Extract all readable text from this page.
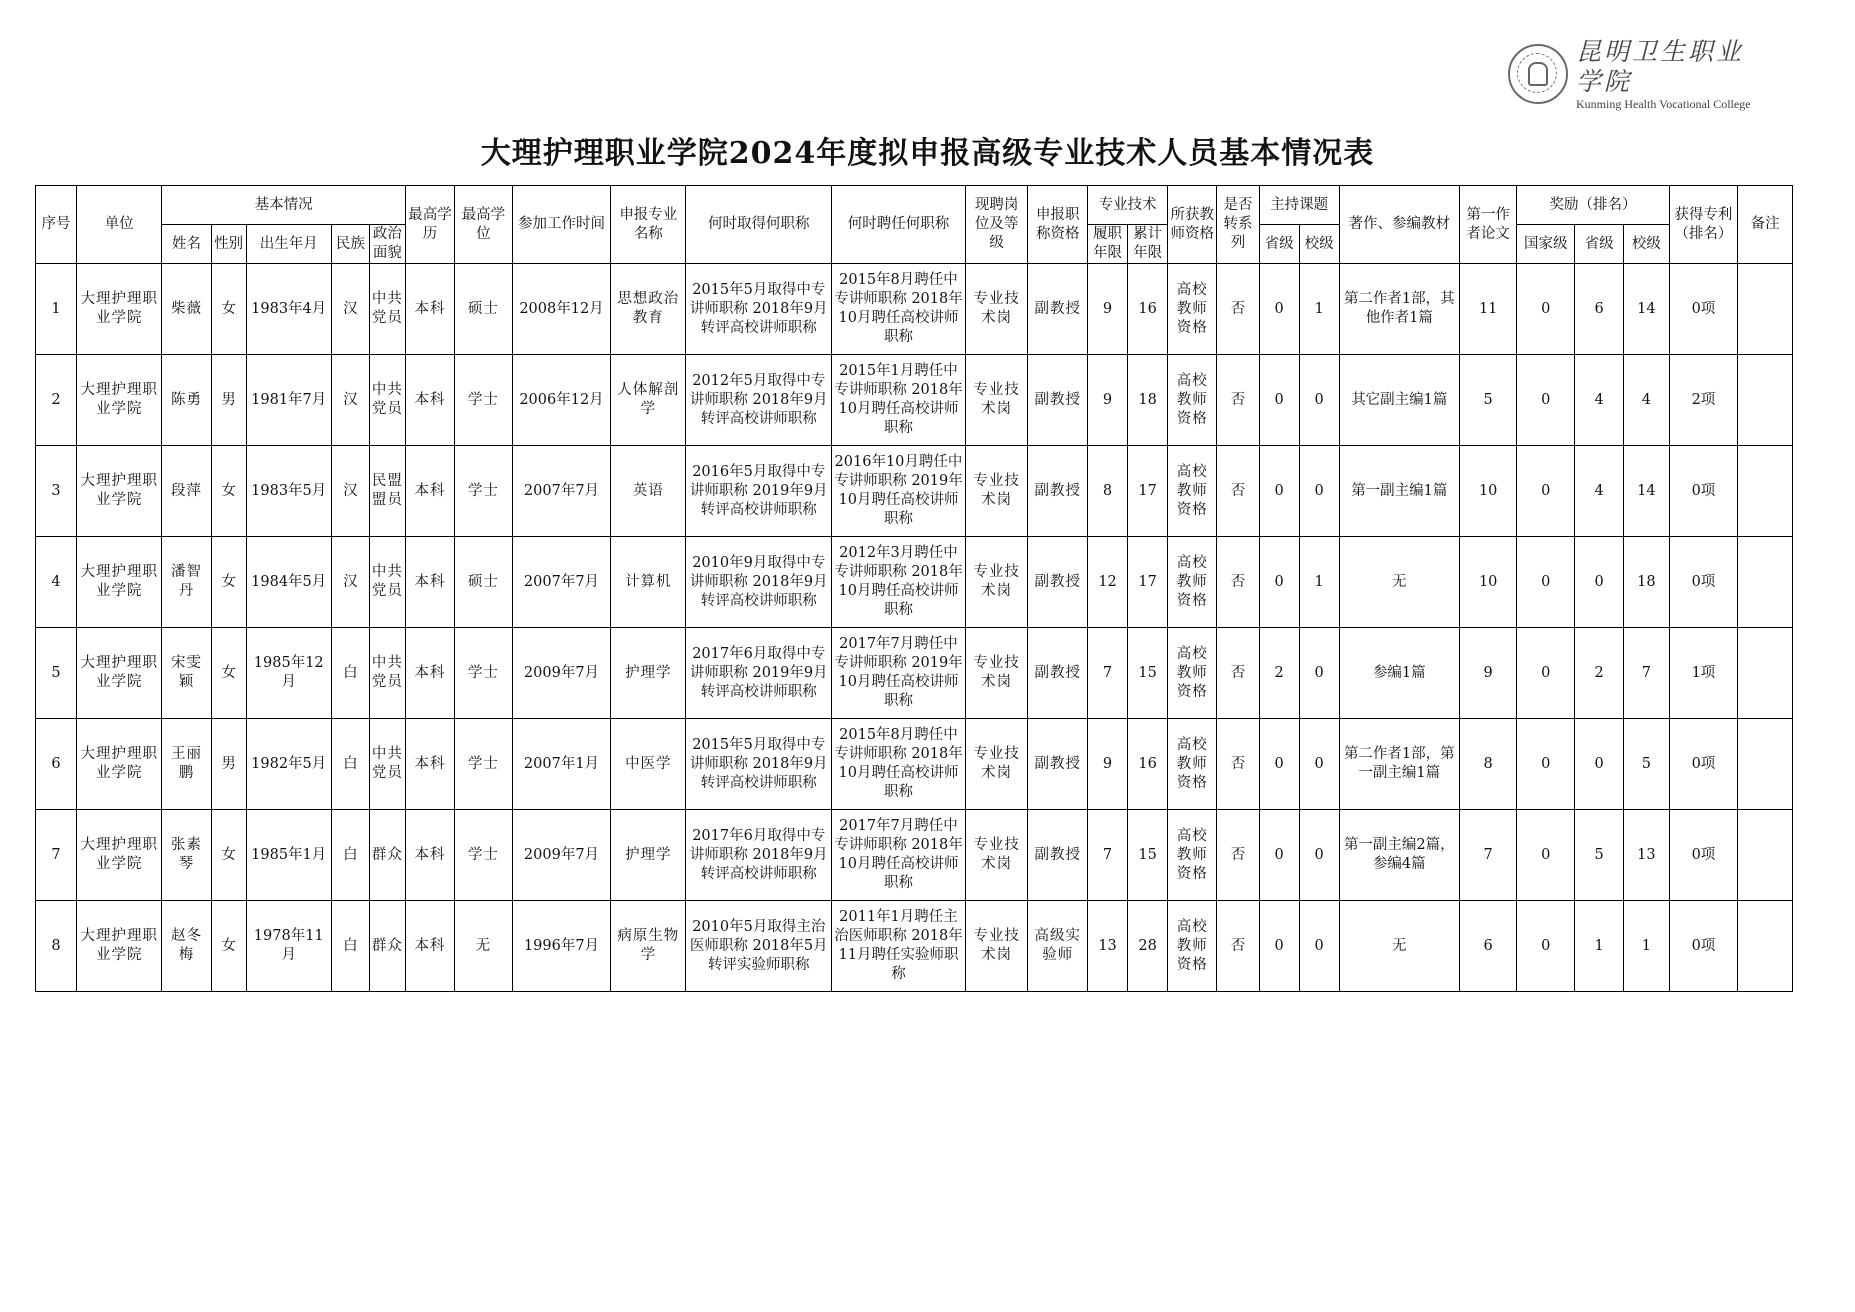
昆明卫生职业学院
Kunming Health Vocational College
大理护理职业学院2024年度拟申报高级专业技术人员基本情况表
序号	单位	基本情况					最高学历	最高学位	参加工作时间	申报专业名称	何时取得何职称	何时聘任何职称	现聘岗位及等级	申报职称资格	专业技术		所获教师资格	是否转系列	主持课题		著作、参编教材	第一作者论文	奖励（排名）			获得专利（排名）	备注
		姓名	性别	出生年月	民族	政治面貌									履职年限	累计年限			省级	校级			国家级	省级	校级		
1	大理护理职业学院	柴薇	女	1983年4月	汉	中共党员	本科	硕士	2008年12月	思想政治教育	2015年5月取得中专讲师职称 2018年9月转评高校讲师职称	2015年8月聘任中专讲师职称 2018年10月聘任高校讲师职称	专业技术岗	副教授	9	16	高校教师资格	否	0	1	第二作者1部，其他作者1篇	11	0	6	14	0项	
2	大理护理职业学院	陈勇	男	1981年7月	汉	中共党员	本科	学士	2006年12月	人体解剖学	2012年5月取得中专讲师职称 2018年9月转评高校讲师职称	2015年1月聘任中专讲师职称 2018年10月聘任高校讲师职称	专业技术岗	副教授	9	18	高校教师资格	否	0	0	其它副主编1篇	5	0	4	4	2项	
3	大理护理职业学院	段萍	女	1983年5月	汉	民盟盟员	本科	学士	2007年7月	英语	2016年5月取得中专讲师职称 2019年9月转评高校讲师职称	2016年10月聘任中专讲师职称 2019年10月聘任高校讲师职称	专业技术岗	副教授	8	17	高校教师资格	否	0	0	第一副主编1篇	10	0	4	14	0项	
4	大理护理职业学院	潘智丹	女	1984年5月	汉	中共党员	本科	硕士	2007年7月	计算机	2010年9月取得中专讲师职称 2018年9月转评高校讲师职称	2012年3月聘任中专讲师职称 2018年10月聘任高校讲师职称	专业技术岗	副教授	12	17	高校教师资格	否	0	1	无	10	0	0	18	0项	
5	大理护理职业学院	宋雯颖	女	1985年12月	白	中共党员	本科	学士	2009年7月	护理学	2017年6月取得中专讲师职称 2019年9月转评高校讲师职称	2017年7月聘任中专讲师职称 2019年10月聘任高校讲师职称	专业技术岗	副教授	7	15	高校教师资格	否	2	0	参编1篇	9	0	2	7	1项	
6	大理护理职业学院	王丽鹏	男	1982年5月	白	中共党员	本科	学士	2007年1月	中医学	2015年5月取得中专讲师职称 2018年9月转评高校讲师职称	2015年8月聘任中专讲师职称 2018年10月聘任高校讲师职称	专业技术岗	副教授	9	16	高校教师资格	否	0	0	第二作者1部，第一副主编1篇	8	0	0	5	0项	
7	大理护理职业学院	张素琴	女	1985年1月	白	群众	本科	学士	2009年7月	护理学	2017年6月取得中专讲师职称 2018年9月转评高校讲师职称	2017年7月聘任中专讲师职称 2018年10月聘任高校讲师职称	专业技术岗	副教授	7	15	高校教师资格	否	0	0	第一副主编2篇，参编4篇	7	0	5	13	0项	
8	大理护理职业学院	赵冬梅	女	1978年11月	白	群众	本科	无	1996年7月	病原生物学	2010年5月取得主治医师职称 2018年5月转评实验师职称	2011年1月聘任主治医师职称 2018年11月聘任实验师职称	专业技术岗	高级实验师	13	28	高校教师资格	否	0	0	无	6	0	1	1	0项	
